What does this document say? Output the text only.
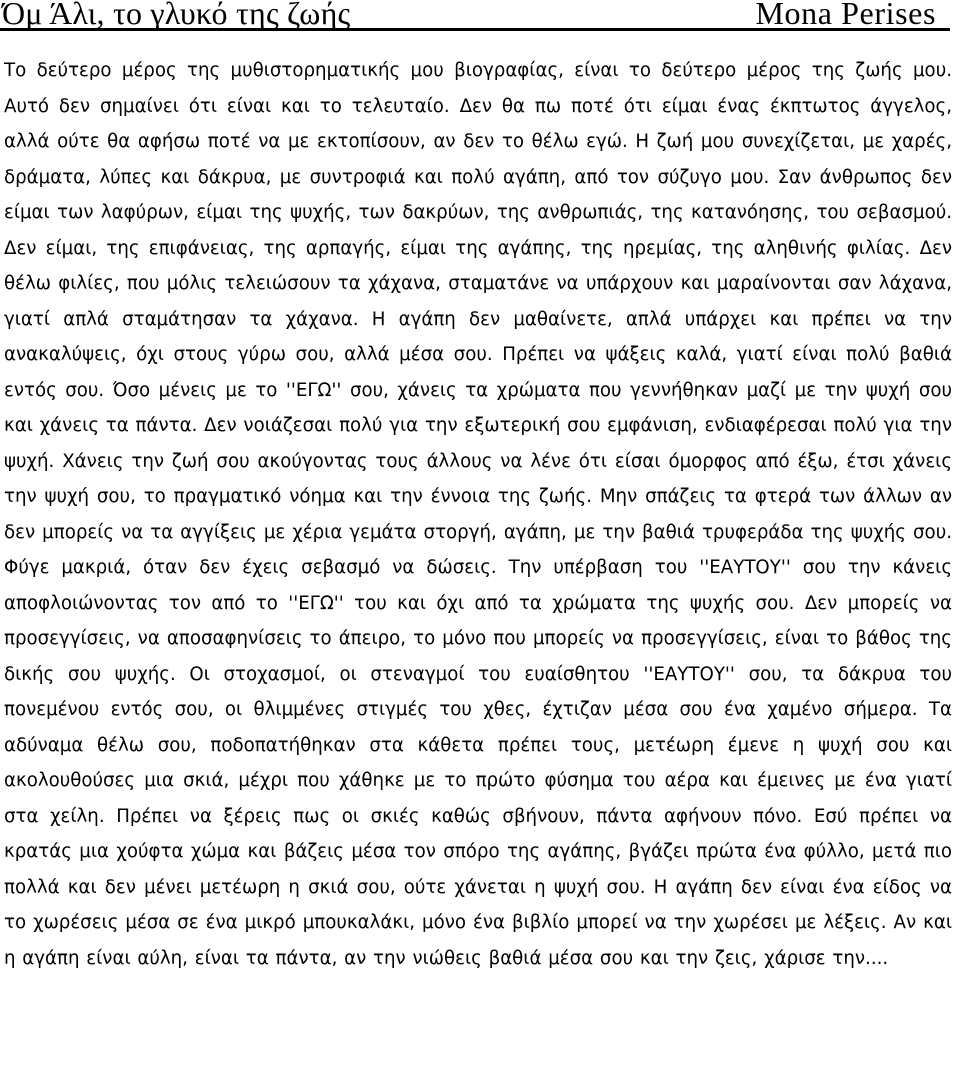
Όμ Άλι, το γλυκό της ζωής	Mona Perises

Το δεύτερο μέρος της μυθιστορηματικής μου βιογραφίας, είναι το δεύτερο μέρος της ζωής μου. Αυτό δεν σημαίνει ότι είναι και το τελευταίο. Δεν θα πω ποτέ ότι είμαι ένας έκπτωτος άγγελος, αλλά ούτε θα αφήσω ποτέ να με εκτοπίσουν, αν δεν το θέλω εγώ. Η ζωή μου συνεχίζεται, με χαρές, δράματα, λύπες και δάκρυα, με συντροφιά και πολύ αγάπη, από τον σύζυγο μου. Σαν άνθρωπος δεν είμαι των λαφύρων, είμαι της ψυχής, των δακρύων, της ανθρωπιάς, της κατανόησης, του σεβασμού. Δεν είμαι, της επιφάνειας, της αρπαγής, είμαι της αγάπης, της ηρεμίας, της αληθινής φιλίας. Δεν θέλω φιλίες, που μόλις τελειώσουν τα χάχανα, σταματάνε να υπάρχουν και μαραίνονται σαν λάχανα, γιατί απλά σταμάτησαν τα χάχανα. Η αγάπη δεν μαθαίνετε, απλά υπάρχει και πρέπει να την ανακαλύψεις, όχι στους γύρω σου, αλλά μέσα σου. Πρέπει να ψάξεις καλά, γιατί είναι πολύ βαθιά εντός σου. Όσο μένεις με το ''ΕΓΩ'' σου, χάνεις τα χρώματα που γεννήθηκαν μαζί με την ψυχή σου και χάνεις τα πάντα. Δεν νοιάζεσαι πολύ για την εξωτερική σου εμφάνιση, ενδιαφέρεσαι πολύ για την ψυχή. Χάνεις την ζωή σου ακούγοντας τους άλλους να λένε ότι είσαι όμορφος από έξω, έτσι χάνεις την ψυχή σου, το πραγματικό νόημα και την έννοια της ζωής. Μην σπάζεις τα φτερά των άλλων αν δεν μπορείς να τα αγγίξεις με χέρια γεμάτα στοργή, αγάπη, με την βαθιά τρυφεράδα της ψυχής σου. Φύγε μακριά, όταν δεν έχεις σεβασμό να δώσεις. Την υπέρβαση του ''ΕΑΥΤΟΥ'' σου την κάνεις αποφλοιώνοντας τον από το ''ΕΓΩ'' του και όχι από τα χρώματα της ψυχής σου. Δεν μπορείς να προσεγγίσεις, να αποσαφηνίσεις το άπειρο, το μόνο που μπορείς να προσεγγίσεις, είναι το βάθος της δικής σου ψυχής. Οι στοχασμοί, οι στεναγμοί του ευαίσθητου ''ΕΑΥΤΟΥ'' σου, τα δάκρυα του πονεμένου εντός σου, οι θλιμμένες στιγμές του χθες, έχτιζαν μέσα σου ένα χαμένο σήμερα. Τα αδύναμα θέλω σου, ποδοπατήθηκαν στα κάθετα πρέπει τους, μετέωρη έμενε η ψυχή σου και ακολουθούσες μια σκιά, μέχρι που χάθηκε με το πρώτο φύσημα του αέρα και έμεινες με ένα γιατί στα χείλη. Πρέπει να ξέρεις πως οι σκιές καθώς σβήνουν, πάντα αφήνουν πόνο. Εσύ πρέπει να κρατάς μια χούφτα χώμα και βάζεις μέσα τον σπόρο της αγάπης, βγάζει πρώτα ένα φύλλο, μετά πιο πολλά και δεν μένει μετέωρη η σκιά σου, ούτε χάνεται η ψυχή σου. Η αγάπη δεν είναι ένα είδος να το χωρέσεις μέσα σε ένα μικρό μπουκαλάκι, μόνο ένα βιβλίο μπορεί να την χωρέσει με λέξεις. Αν και η αγάπη είναι αύλη, είναι τα πάντα, αν την νιώθεις βαθιά μέσα σου και την ζεις, χάρισε την....
